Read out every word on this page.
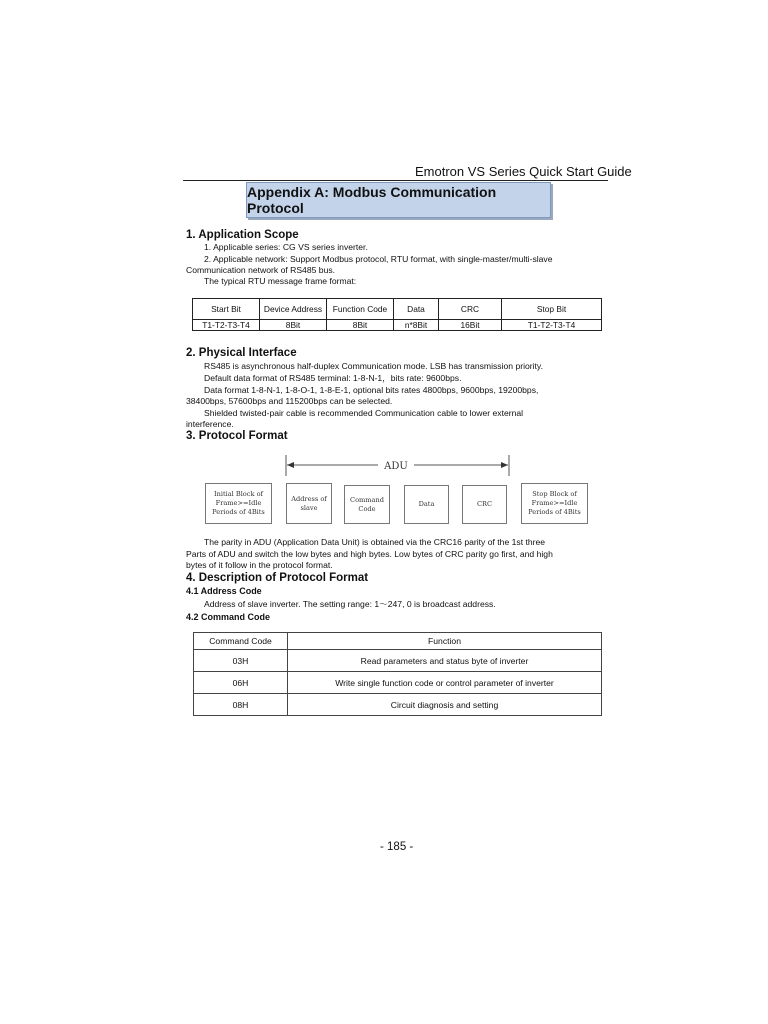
Emotron VS Series Quick Start Guide
Appendix A: Modbus Communication Protocol
1. Application Scope
1. Applicable series: CG VS series inverter.
2. Applicable network: Support Modbus protocol, RTU format, with single-master/multi-slave
Communication network of RS485 bus.
The typical RTU message frame format:
Start Bit	Device Address	Function Code	Data	CRC	Stop Bit
T1-T2-T3-T4	8Bit	8Bit	n*8Bit	16Bit	T1-T2-T3-T4
2. Physical Interface
RS485 is asynchronous half-duplex Communication mode. LSB has transmission priority.
Default data format of RS485 terminal: 1-8-N-1，bits rate: 9600bps.
Data format 1-8-N-1, 1-8-O-1, 1-8-E-1, optional bits rates 4800bps, 9600bps, 19200bps,
38400bps, 57600bps and 115200bps can be selected.
Shielded twisted-pair cable is recommended Communication cable to lower external
interference.
3. Protocol Format
ADU
Initial Block of
Frame>=Idle
Periods of 4Bits
Address of
slave
Command
Code
Data	CRC
Stop Block of
Frame>=Idle
Periods of 4Bits
The parity in ADU (Application Data Unit) is obtained via the CRC16 parity of the 1st three
Parts of ADU and switch the low bytes and high bytes. Low bytes of CRC parity go first, and high
bytes of it follow in the protocol format.
4. Description of Protocol Format
4.1 Address Code
Address of slave inverter. The setting range: 1～247, 0 is broadcast address.
4.2 Command Code
Command Code	Function
03H	Read parameters and status byte of inverter
06H	Write single function code or control parameter of inverter
08H	Circuit diagnosis and setting
- 185 -
